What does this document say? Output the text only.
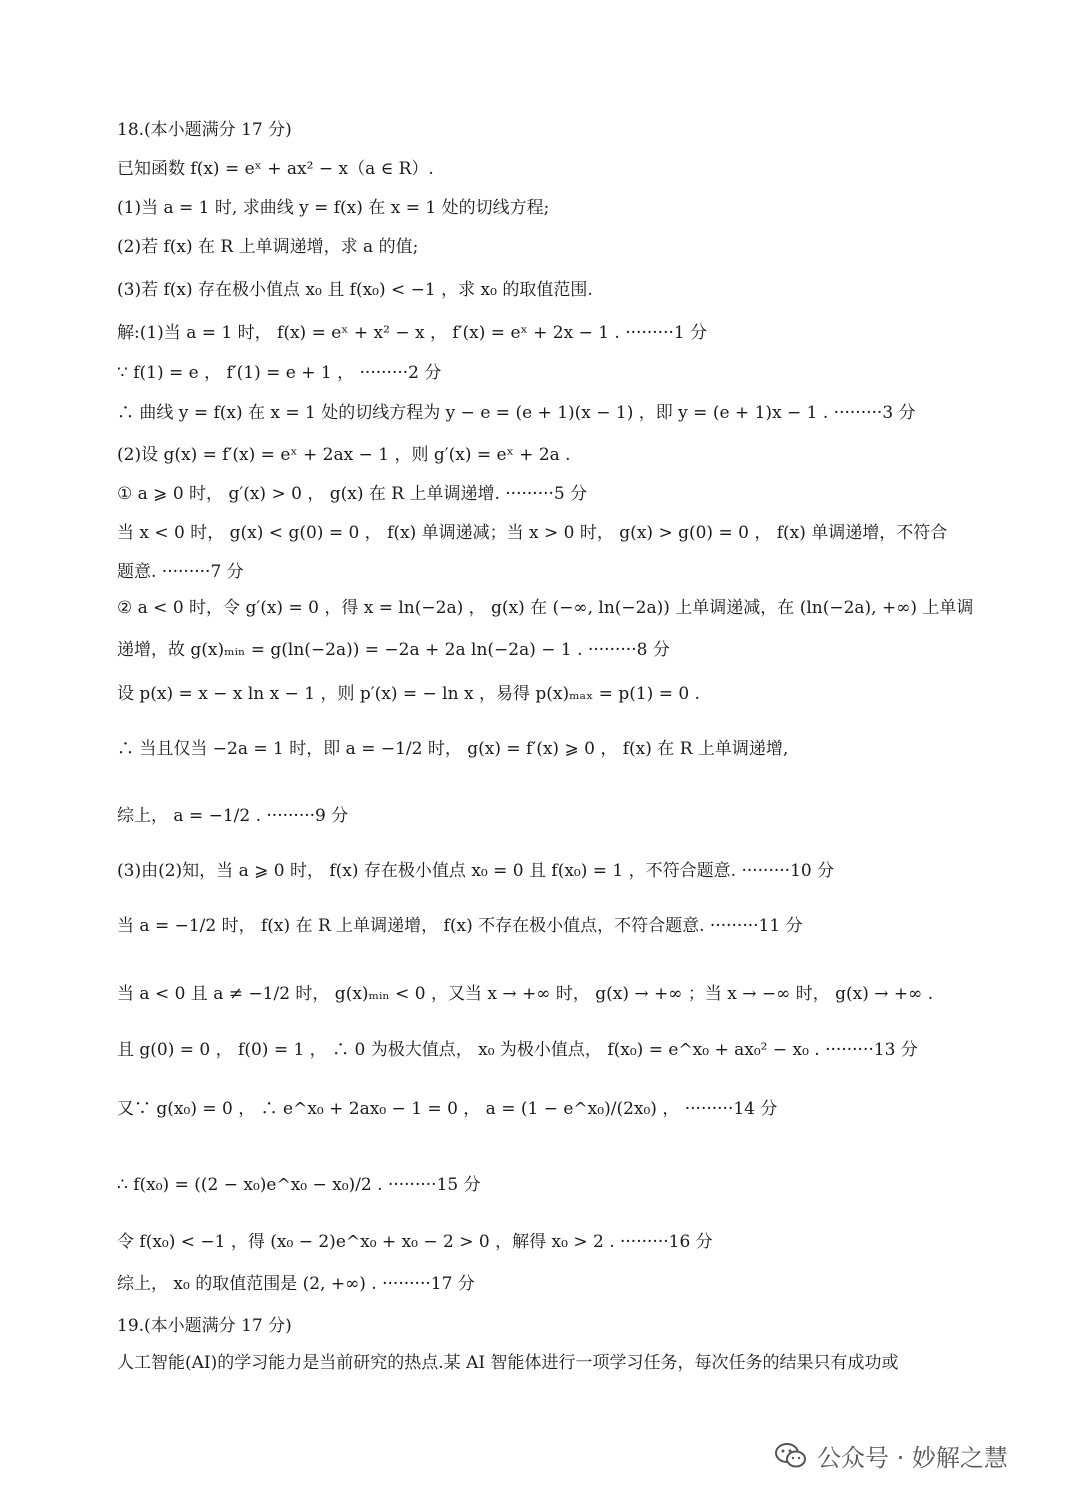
18.(本小题满分 17 分)
已知函数 f(x) = eˣ + ax² − x（a ∈ R）.
(1)当 a = 1 时, 求曲线 y = f(x) 在 x = 1 处的切线方程;
(2)若 f(x) 在 R 上单调递增，求 a 的值;
(3)若 f(x) 存在极小值点 x₀ 且 f(x₀) < −1 ，求 x₀ 的取值范围.
解:(1)当 a = 1 时， f(x) = eˣ + x² − x ， f′(x) = eˣ + 2x − 1 . ·········1 分
∵ f(1) = e ， f′(1) = e + 1 ， ·········2 分
∴ 曲线 y = f(x) 在 x = 1 处的切线方程为 y − e = (e + 1)(x − 1) ，即 y = (e + 1)x − 1 . ·········3 分
(2)设 g(x) = f′(x) = eˣ + 2ax − 1 ，则 g′(x) = eˣ + 2a .
① a ⩾ 0 时， g′(x) > 0 ， g(x) 在 R 上单调递增. ·········5 分
当 x < 0 时， g(x) < g(0) = 0 ， f(x) 单调递减；当 x > 0 时， g(x) > g(0) = 0 ， f(x) 单调递增，不符合
题意. ·········7 分
② a < 0 时，令 g′(x) = 0 ，得 x = ln(−2a) ， g(x) 在 (−∞, ln(−2a)) 上单调递减，在 (ln(−2a), +∞) 上单调
递增，故 g(x)ₘᵢₙ = g(ln(−2a)) = −2a + 2a ln(−2a) − 1 . ·········8 分
设 p(x) = x − x ln x − 1 ，则 p′(x) = − ln x ，易得 p(x)ₘₐₓ = p(1) = 0 .
∴ 当且仅当 −2a = 1 时，即 a = −1/2 时， g(x) = f′(x) ⩾ 0 ， f(x) 在 R 上单调递增,
综上， a = −1/2 . ·········9 分
(3)由(2)知，当 a ⩾ 0 时， f(x) 存在极小值点 x₀ = 0 且 f(x₀) = 1 ，不符合题意. ·········10 分
当 a = −1/2 时， f(x) 在 R 上单调递增， f(x) 不存在极小值点，不符合题意. ·········11 分
当 a < 0 且 a ≠ −1/2 时， g(x)ₘᵢₙ < 0 ，又当 x → +∞ 时， g(x) → +∞ ；当 x → −∞ 时， g(x) → +∞ .
且 g(0) = 0 ， f(0) = 1 ， ∴ 0 为极大值点， x₀ 为极小值点， f(x₀) = e^x₀ + ax₀² − x₀ . ·········13 分
又∵ g(x₀) = 0 ， ∴ e^x₀ + 2ax₀ − 1 = 0 ， a = (1 − e^x₀)/(2x₀) ， ·········14 分
∴ f(x₀) = ((2 − x₀)e^x₀ − x₀)/2 . ·········15 分
令 f(x₀) < −1 ，得 (x₀ − 2)e^x₀ + x₀ − 2 > 0 ，解得 x₀ > 2 . ·········16 分
综上， x₀ 的取值范围是 (2, +∞) . ·········17 分
19.(本小题满分 17 分)
人工智能(AI)的学习能力是当前研究的热点.某 AI 智能体进行一项学习任务，每次任务的结果只有成功或
公众号 · 妙解之慧
